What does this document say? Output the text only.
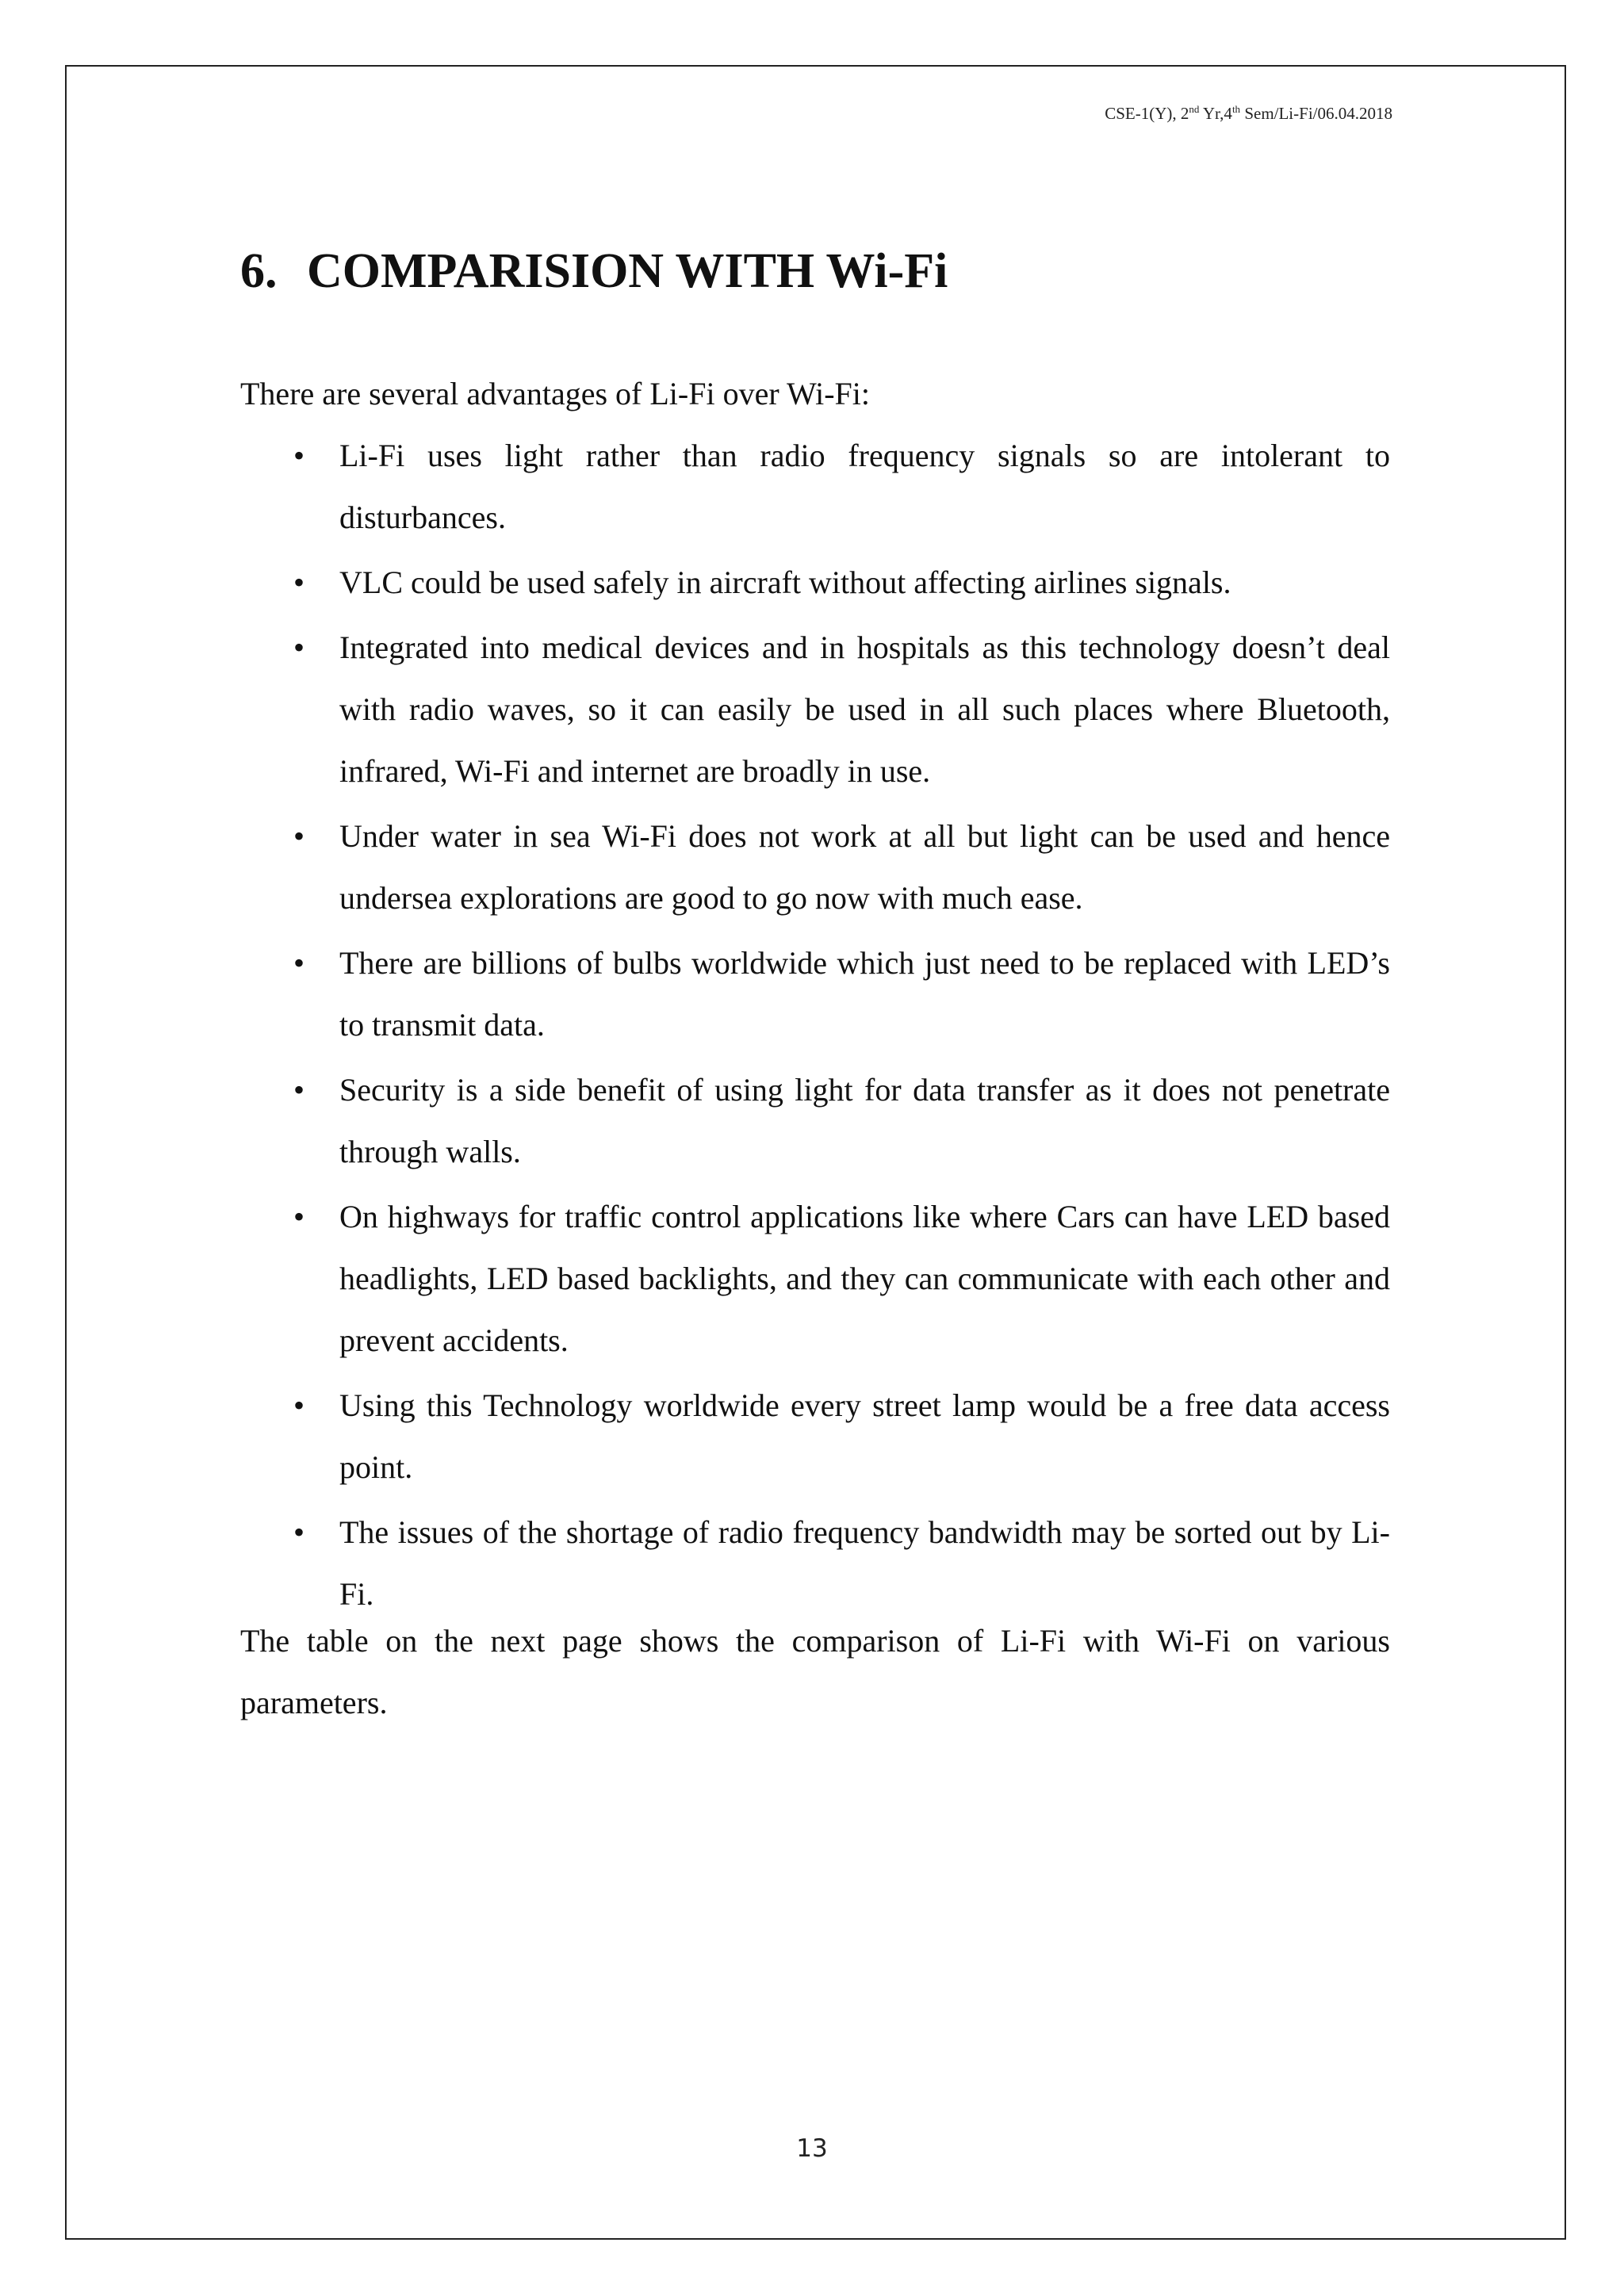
CSE-1(Y), 2nd Yr,4th Sem/Li-Fi/06.04.2018
6. COMPARISION WITH Wi-Fi

There are several advantages of Li-Fi over Wi-Fi:

• Li-Fi uses light rather than radio frequency signals so are intolerant to disturbances.
• VLC could be used safely in aircraft without affecting airlines signals.
• Integrated into medical devices and in hospitals as this technology doesn’t deal with radio waves, so it can easily be used in all such places where Bluetooth, infrared, Wi-Fi and internet are broadly in use.
• Under water in sea Wi-Fi does not work at all but light can be used and hence undersea explorations are good to go now with much ease.
• There are billions of bulbs worldwide which just need to be replaced with LED’s to transmit data.
• Security is a side benefit of using light for data transfer as it does not penetrate through walls.
• On highways for traffic control applications like where Cars can have LED based headlights, LED based backlights, and they can communicate with each other and prevent accidents.
• Using this Technology worldwide every street lamp would be a free data access point.
• The issues of the shortage of radio frequency bandwidth may be sorted out by Li-Fi.

The table on the next page shows the comparison of Li-Fi with Wi-Fi on various parameters.

13
